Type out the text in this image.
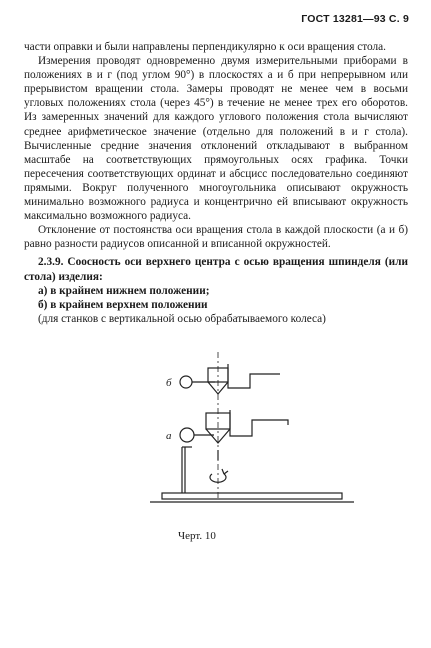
ГОСТ 13281—93 С. 9

части оправки и были направлены перпендикулярно к оси вращения стола.

Измерения проводят одновременно двумя измерительными приборами в положениях в и г (под углом 90°) в плоскостях а и б при непрерывном или прерывистом вращении стола. Замеры проводят не менее чем в восьми угловых положениях стола (через 45°) в течение не менее трех его оборотов. Из замеренных значений для каждого углового положения стола вычисляют среднее арифметическое значение (отдельно для положений в и г стола). Вычисленные средние значения отклонений откладывают в выбранном масштабе на соответствующих прямоугольных осях графика. Точки пересечения соответствующих ординат и абсцисс последовательно соединяют прямыми. Вокруг полученного многоугольника описывают окружность минимально возможного радиуса и концентрично ей вписывают окружность максимально возможного радиуса.

Отклонение от постоянства оси вращения стола в каждой плоскости (а и б) равно разности радиусов описанной и вписанной окружностей.

2.3.9. Соосность оси верхнего центра с осью вращения шпинделя (или стола) изделия:

а) в крайнем нижнем положении;

б) в крайнем верхнем положении

(для станков с вертикальной осью обрабатываемого колеса)

б
а
Черт. 10
